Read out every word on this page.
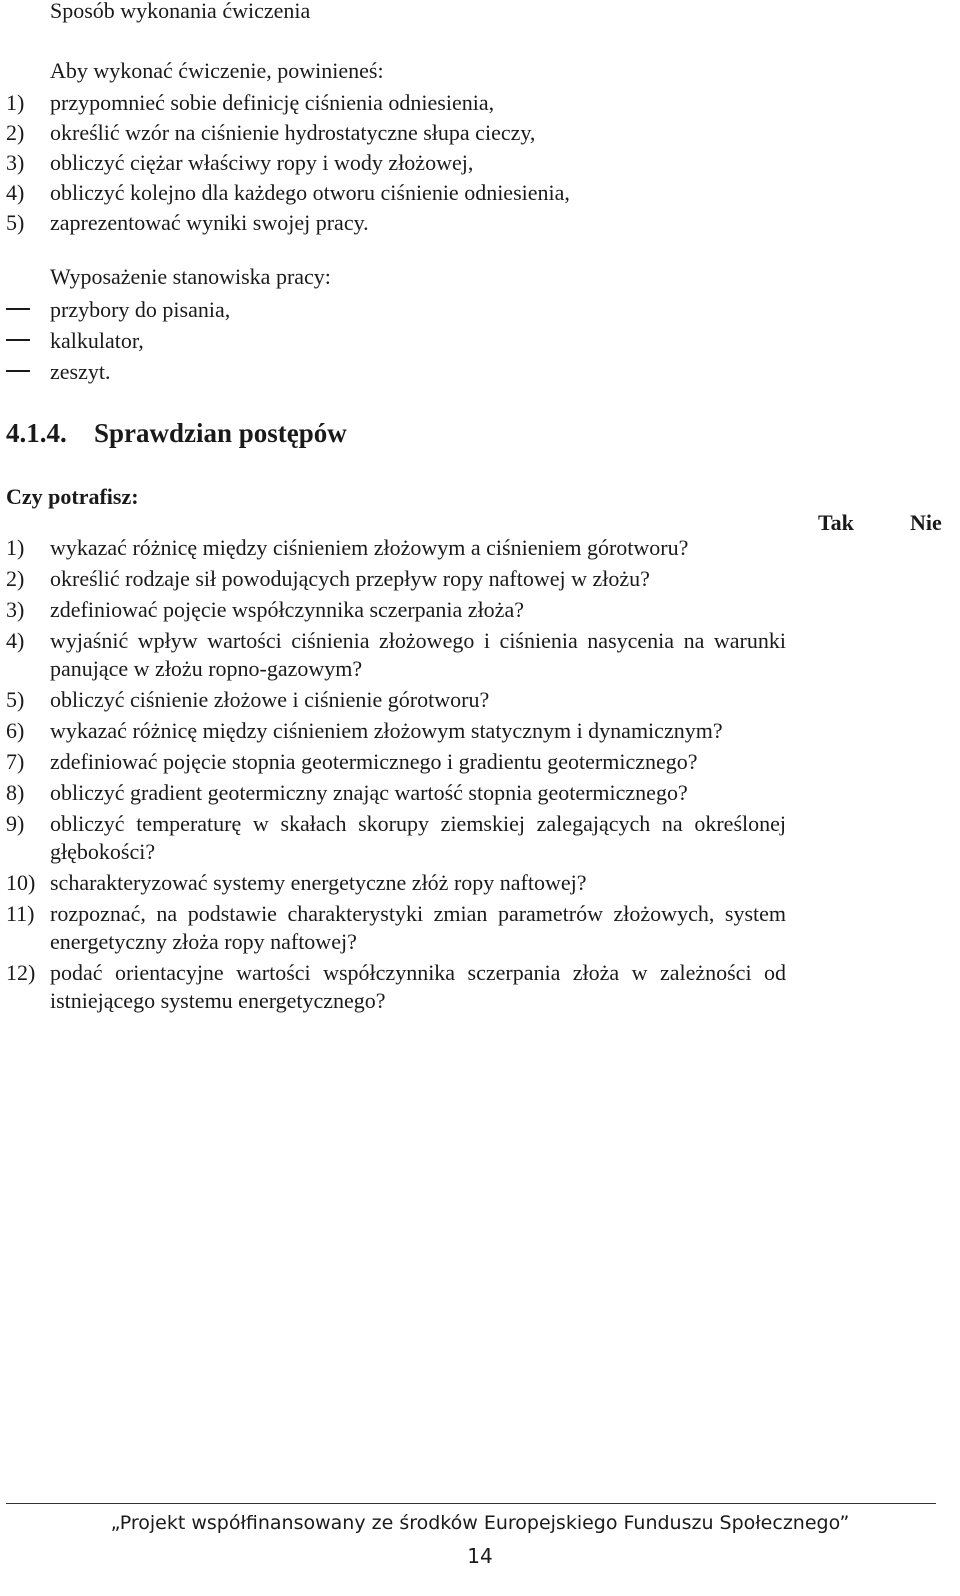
Sposób wykonania ćwiczenia
Aby wykonać ćwiczenie, powinieneś:
1) przypomnieć sobie definicję ciśnienia odniesienia,
2) określić wzór na ciśnienie hydrostatyczne słupa cieczy,
3) obliczyć ciężar właściwy ropy i wody złożowej,
4) obliczyć kolejno dla każdego otworu ciśnienie odniesienia,
5) zaprezentować wyniki swojej pracy.
Wyposażenie stanowiska pracy:
przybory do pisania,
kalkulator,
zeszyt.
4.1.4. Sprawdzian postępów
Czy potrafisz:
Tak	Nie
1) wykazać różnicę między ciśnieniem złożowym a ciśnieniem górotworu?
2) określić rodzaje sił powodujących przepływ ropy naftowej w złożu?
3) zdefiniować pojęcie współczynnika sczerpania złoża?
4) wyjaśnić wpływ wartości ciśnienia złożowego i ciśnienia nasycenia na warunki panujące w złożu ropno-gazowym?
5) obliczyć ciśnienie złożowe i ciśnienie górotworu?
6) wykazać różnicę między ciśnieniem złożowym statycznym i dynamicznym?
7) zdefiniować pojęcie stopnia geotermicznego i gradientu geotermicznego?
8) obliczyć gradient geotermiczny znając wartość stopnia geotermicznego?
9) obliczyć temperaturę w skałach skorupy ziemskiej zalegających na określonej głębokości?
10) scharakteryzować systemy energetyczne złóż ropy naftowej?
11) rozpoznać, na podstawie charakterystyki zmian parametrów złożowych, system energetyczny złoża ropy naftowej?
12) podać orientacyjne wartości współczynnika sczerpania złoża w zależności od istniejącego systemu energetycznego?
„Projekt współfinansowany ze środków Europejskiego Funduszu Społecznego”
14
